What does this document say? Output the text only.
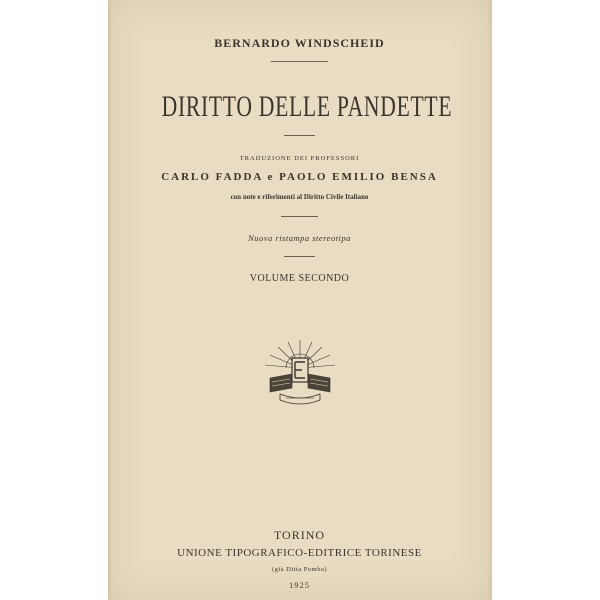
BERNARDO WINDSCHEID
DIRITTO DELLE PANDETTE
TRADUZIONE DEI PROFESSORI
CARLO FADDA e PAOLO EMILIO BENSA
con note e riferimenti al Diritto Civile Italiano
Nuova ristampa stereotipa
VOLUME SECONDO
TORINO
UNIONE TIPOGRAFICO-EDITRICE TORINESE
(già Ditta Pomba)
1925
